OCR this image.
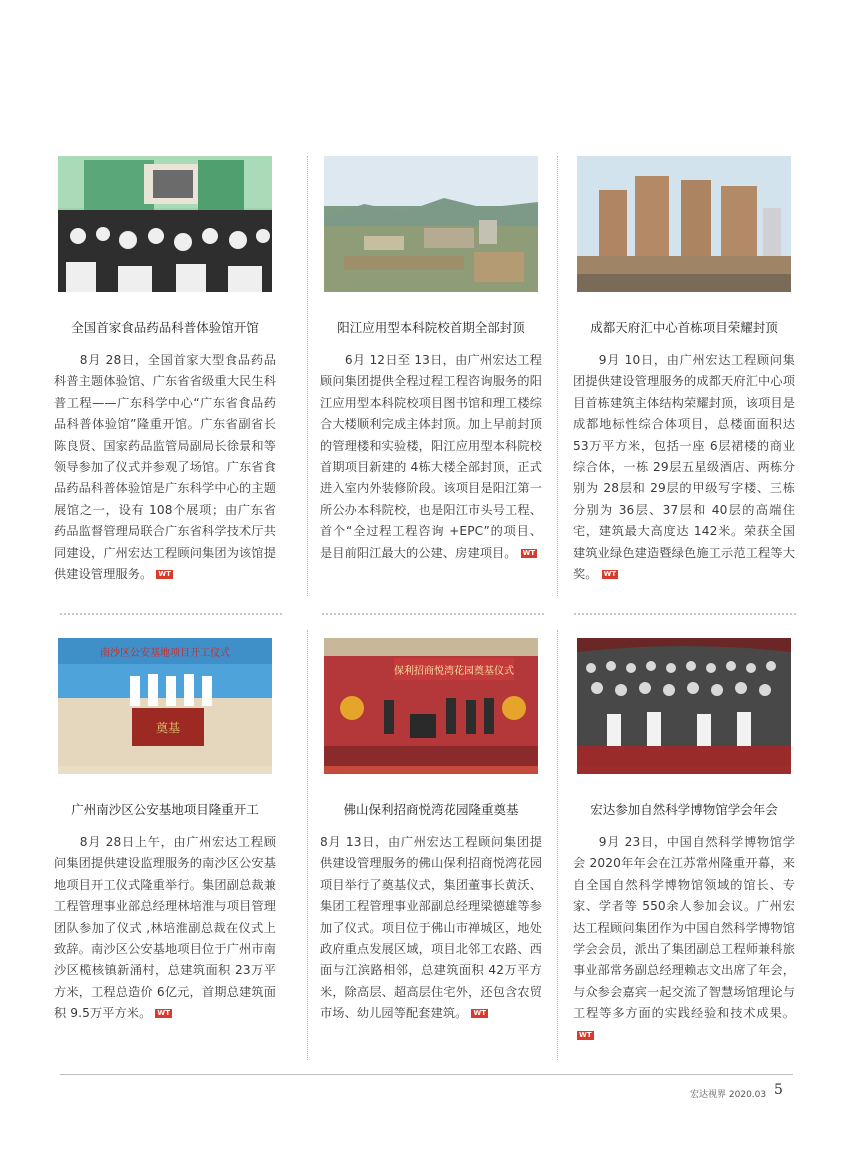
全国首家食品药品科普体验馆开馆
　　8月 28日，全国首家大型食品药品科普主题体验馆、广东省省级重大民生科普工程——广东科学中心“广东省食品药品科普体验馆”隆重开馆。广东省副省长陈良贤、国家药品监管局副局长徐景和等领导参加了仪式并参观了场馆。广东省食品药品科普体验馆是广东科学中心的主题展馆之一，设有 108个展项；由广东省药品监督管理局联合广东省科学技术厅共同建设，广州宏达工程顾问集团为该馆提供建设管理服务。 WT
阳江应用型本科院校首期全部封顶
　　6月 12日至 13日，由广州宏达工程顾问集团提供全程过程工程咨询服务的阳江应用型本科院校项目图书馆和理工楼综合大楼顺利完成主体封顶。加上早前封顶的管理楼和实验楼，阳江应用型本科院校首期项目新建的 4栋大楼全部封顶，正式进入室内外装修阶段。该项目是阳江第一所公办本科院校，也是阳江市头号工程、首个“全过程工程咨询 +EPC”的项目、是目前阳江最大的公建、房建项目。 WT
成都天府汇中心首栋项目荣耀封顶
　　9月 10日，由广州宏达工程顾问集团提供建设管理服务的成都天府汇中心项目首栋建筑主体结构荣耀封顶，该项目是成都地标性综合体项目，总楼面面积达 53万平方米，包括一座 6层裙楼的商业综合体，一栋 29层五星级酒店、两栋分别为 28层和 29层的甲级写字楼、三栋分别为 36层、37层和 40层的高端住宅，建筑最大高度达 142米。荣获全国建筑业绿色建造暨绿色施工示范工程等大奖。 WT
南沙区公安基地项目开工仪式
奠基
广州南沙区公安基地项目隆重开工
　　8月 28日上午，由广州宏达工程顾问集团提供建设监理服务的南沙区公安基地项目开工仪式隆重举行。集团副总裁兼工程管理事业部总经理林培淮与项目管理团队参加了仪式 ,林培淮副总裁在仪式上致辞。南沙区公安基地项目位于广州市南沙区榄核镇新涌村，总建筑面积 23万平方米，工程总造价 6亿元，首期总建筑面积 9.5万平方米。 WT
保利招商悦湾花园奠基仪式
佛山保利招商悦湾花园隆重奠基
8月 13日，由广州宏达工程顾问集团提供建设管理服务的佛山保利招商悦湾花园项目举行了奠基仪式，集团董事长黄沃、集团工程管理事业部副总经理梁德雄等参加了仪式。项目位于佛山市禅城区，地处政府重点发展区域，项目北邻工农路、西面与江滨路相邻，总建筑面积 42万平方米，除高层、超高层住宅外，还包含农贸市场、幼儿园等配套建筑。 WT
宏达参加自然科学博物馆学会年会
　　9月 23日，中国自然科学博物馆学会 2020年年会在江苏常州隆重开幕，来自全国自然科学博物馆领域的馆长、专家、学者等 550余人参加会议。广州宏达工程顾问集团作为中国自然科学博物馆学会会员，派出了集团副总工程师兼科旅事业部常务副总经理赖志文出席了年会，与众参会嘉宾一起交流了智慧场馆理论与工程等多方面的实践经验和技术成果。WT
宏达视界 2020.03 5
